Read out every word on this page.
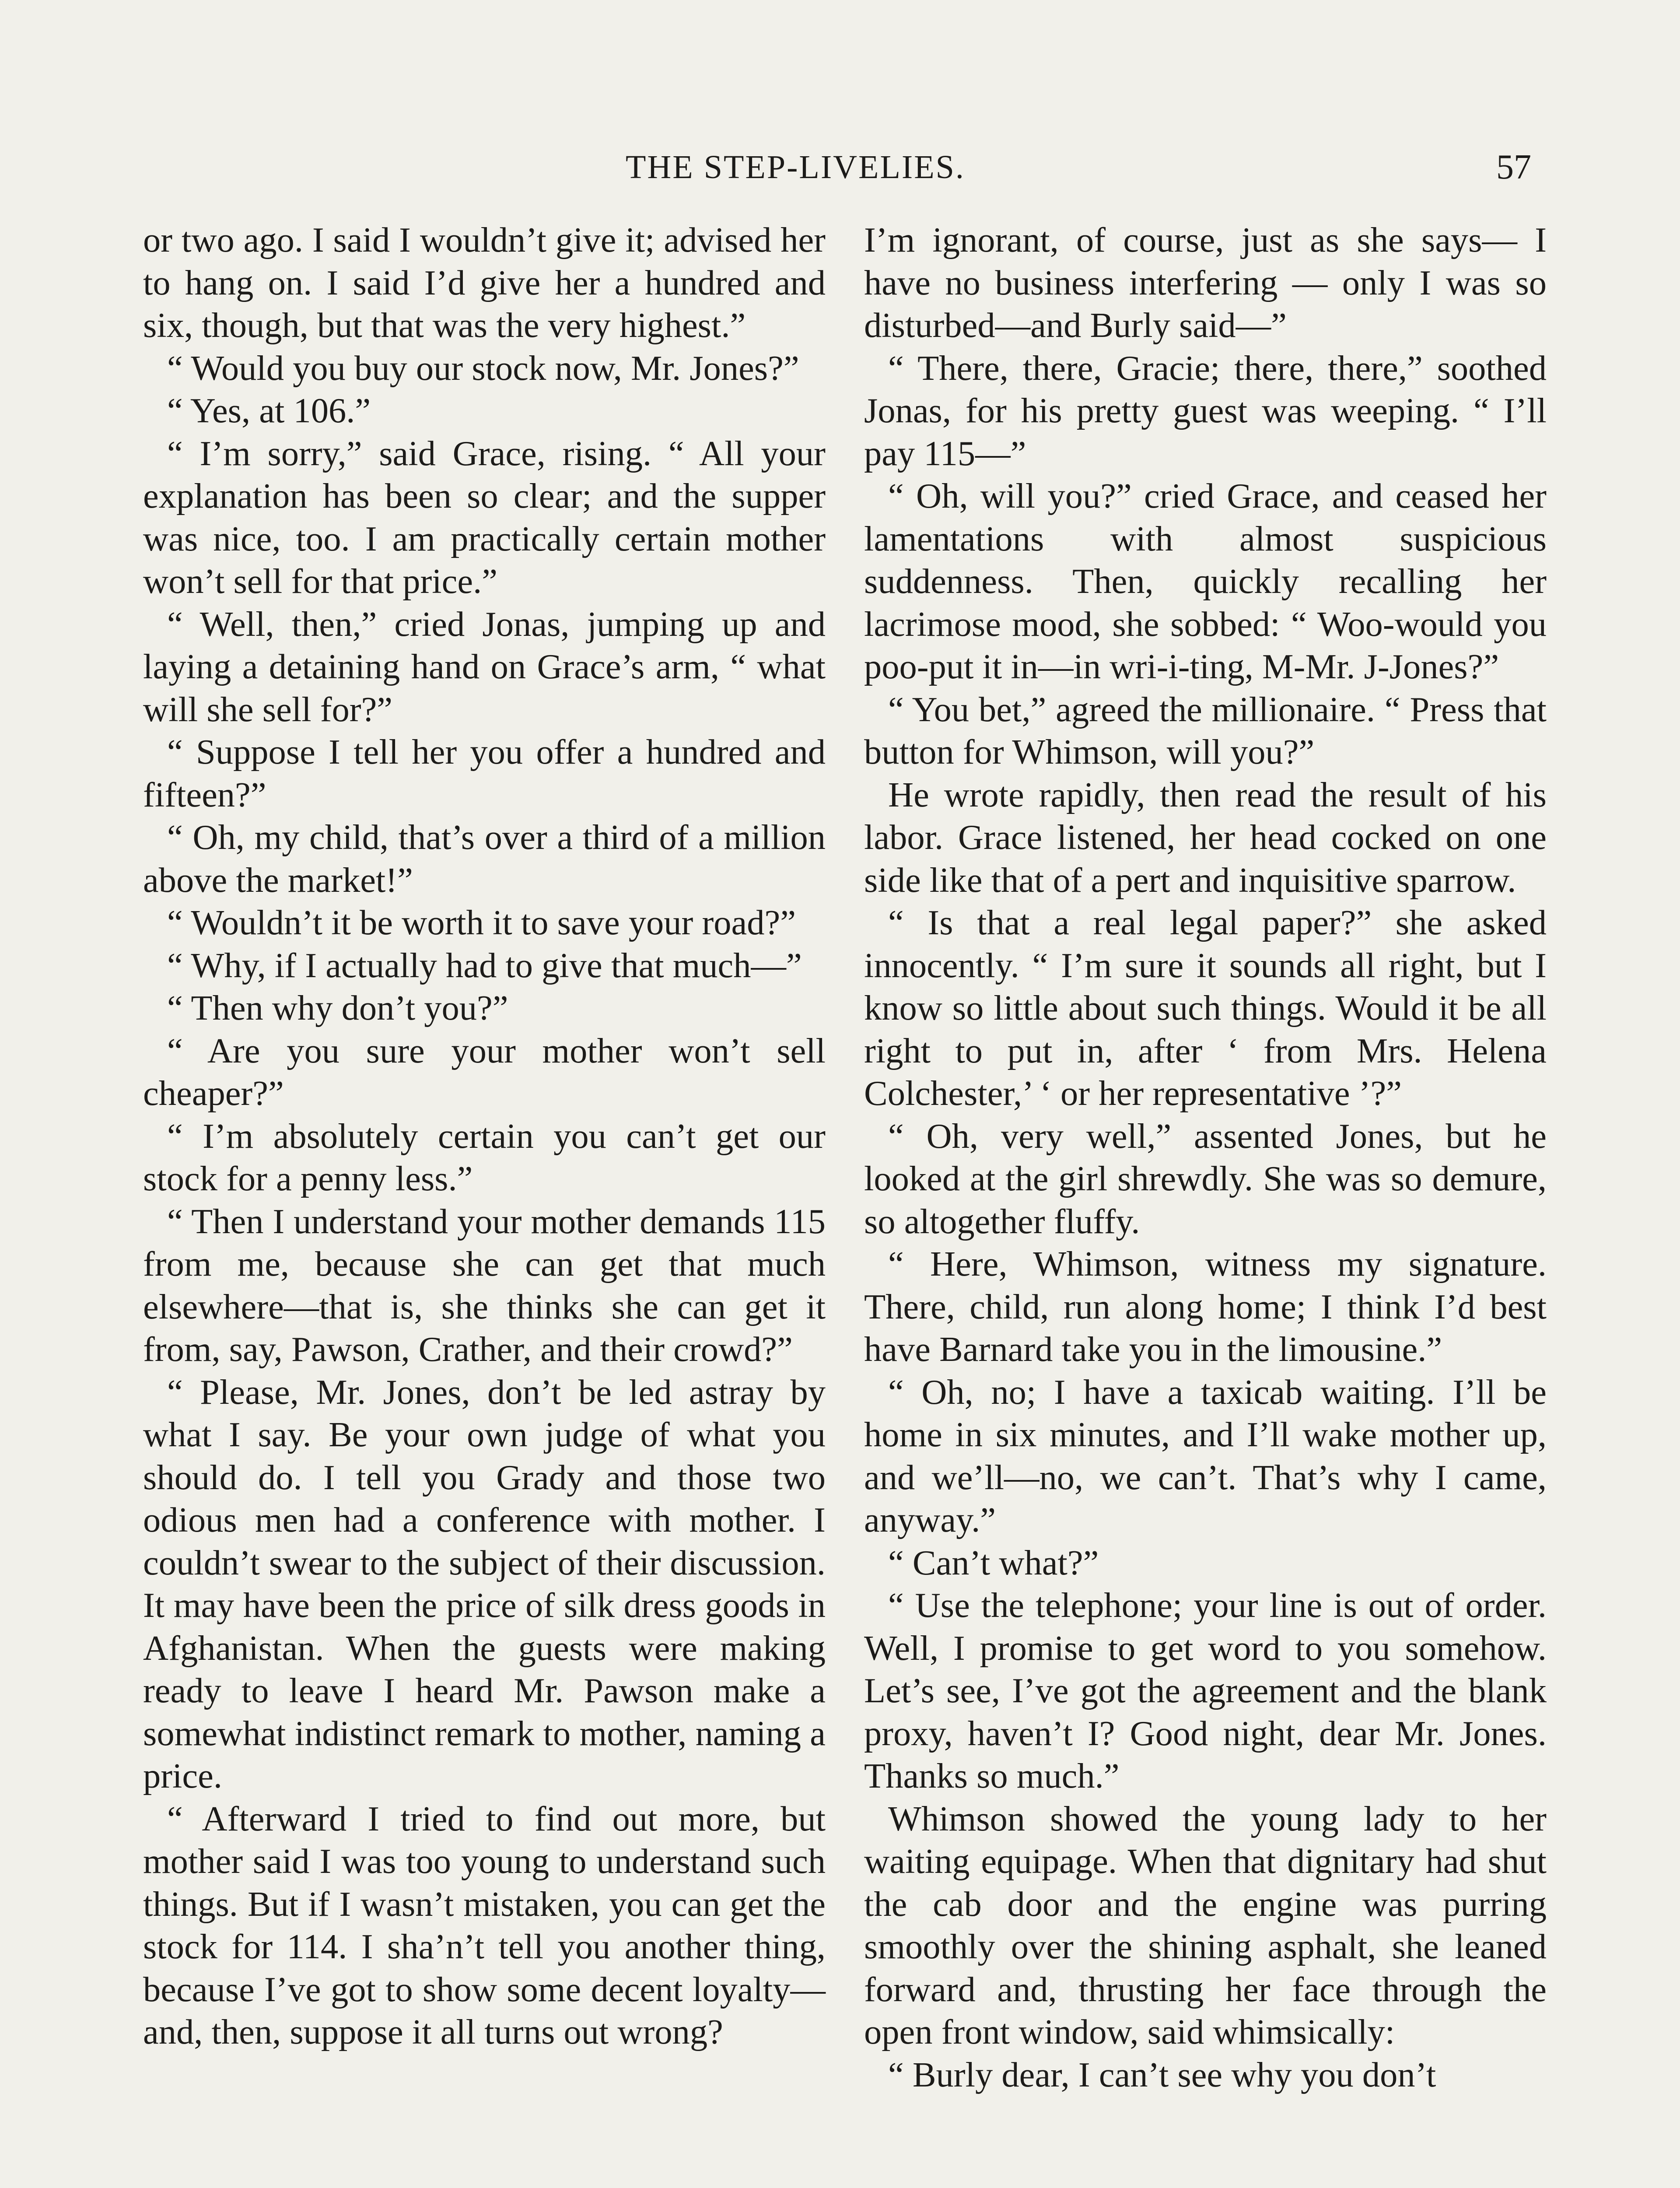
THE STEP-LIVELIES.	57

or two ago. I said I wouldn’t give it; advised her to hang on. I said I’d give her a hundred and six, though, but that was the very highest.”

“ Would you buy our stock now, Mr. Jones?”

“ Yes, at 106.”

“ I’m sorry,” said Grace, rising. “ All your explanation has been so clear; and the supper was nice, too. I am practically certain mother won’t sell for that price.”

“ Well, then,” cried Jonas, jumping up and laying a detaining hand on Grace’s arm, “ what will she sell for?”

“ Suppose I tell her you offer a hundred and fifteen?”

“ Oh, my child, that’s over a third of a million above the market!”

“ Wouldn’t it be worth it to save your road?”

“ Why, if I actually had to give that much—”

“ Then why don’t you?”

“ Are you sure your mother won’t sell cheaper?”

“ I’m absolutely certain you can’t get our stock for a penny less.”

“ Then I understand your mother demands 115 from me, because she can get that much elsewhere—that is, she thinks she can get it from, say, Pawson, Crather, and their crowd?”

“ Please, Mr. Jones, don’t be led astray by what I say. Be your own judge of what you should do. I tell you Grady and those two odious men had a conference with mother. I couldn’t swear to the subject of their discussion. It may have been the price of silk dress goods in Afghanistan. When the guests were making ready to leave I heard Mr. Pawson make a somewhat indistinct remark to mother, naming a price.

“ Afterward I tried to find out more, but mother said I was too young to understand such things. But if I wasn’t mistaken, you can get the stock for 114. I sha’n’t tell you another thing, because I’ve got to show some decent loyalty— and, then, suppose it all turns out wrong?

I’m ignorant, of course, just as she says— I have no business interfering — only I was so disturbed—and Burly said—”

“ There, there, Gracie; there, there,” soothed Jonas, for his pretty guest was weeping. “ I’ll pay 115—”

“ Oh, will you?” cried Grace, and ceased her lamentations with almost suspicious suddenness. Then, quickly recalling her lacrimose mood, she sobbed: “ Woo-would you poo-put it in—in wri-i-ting, M-Mr. J-Jones?”

“ You bet,” agreed the millionaire. “ Press that button for Whimson, will you?”

He wrote rapidly, then read the result of his labor. Grace listened, her head cocked on one side like that of a pert and inquisitive sparrow.

“ Is that a real legal paper?” she asked innocently. “ I’m sure it sounds all right, but I know so little about such things. Would it be all right to put in, after ‘ from Mrs. Helena Colchester,’ ‘ or her representative ’?”

“ Oh, very well,” assented Jones, but he looked at the girl shrewdly. She was so demure, so altogether fluffy.

“ Here, Whimson, witness my signature. There, child, run along home; I think I’d best have Barnard take you in the limousine.”

“ Oh, no; I have a taxicab waiting. I’ll be home in six minutes, and I’ll wake mother up, and we’ll—no, we can’t. That’s why I came, anyway.”

“ Can’t what?”

“ Use the telephone; your line is out of order. Well, I promise to get word to you somehow. Let’s see, I’ve got the agreement and the blank proxy, haven’t I? Good night, dear Mr. Jones. Thanks so much.”

Whimson showed the young lady to her waiting equipage. When that dignitary had shut the cab door and the engine was purring smoothly over the shining asphalt, she leaned forward and, thrusting her face through the open front window, said whimsically:

“ Burly dear, I can’t see why you don’t
